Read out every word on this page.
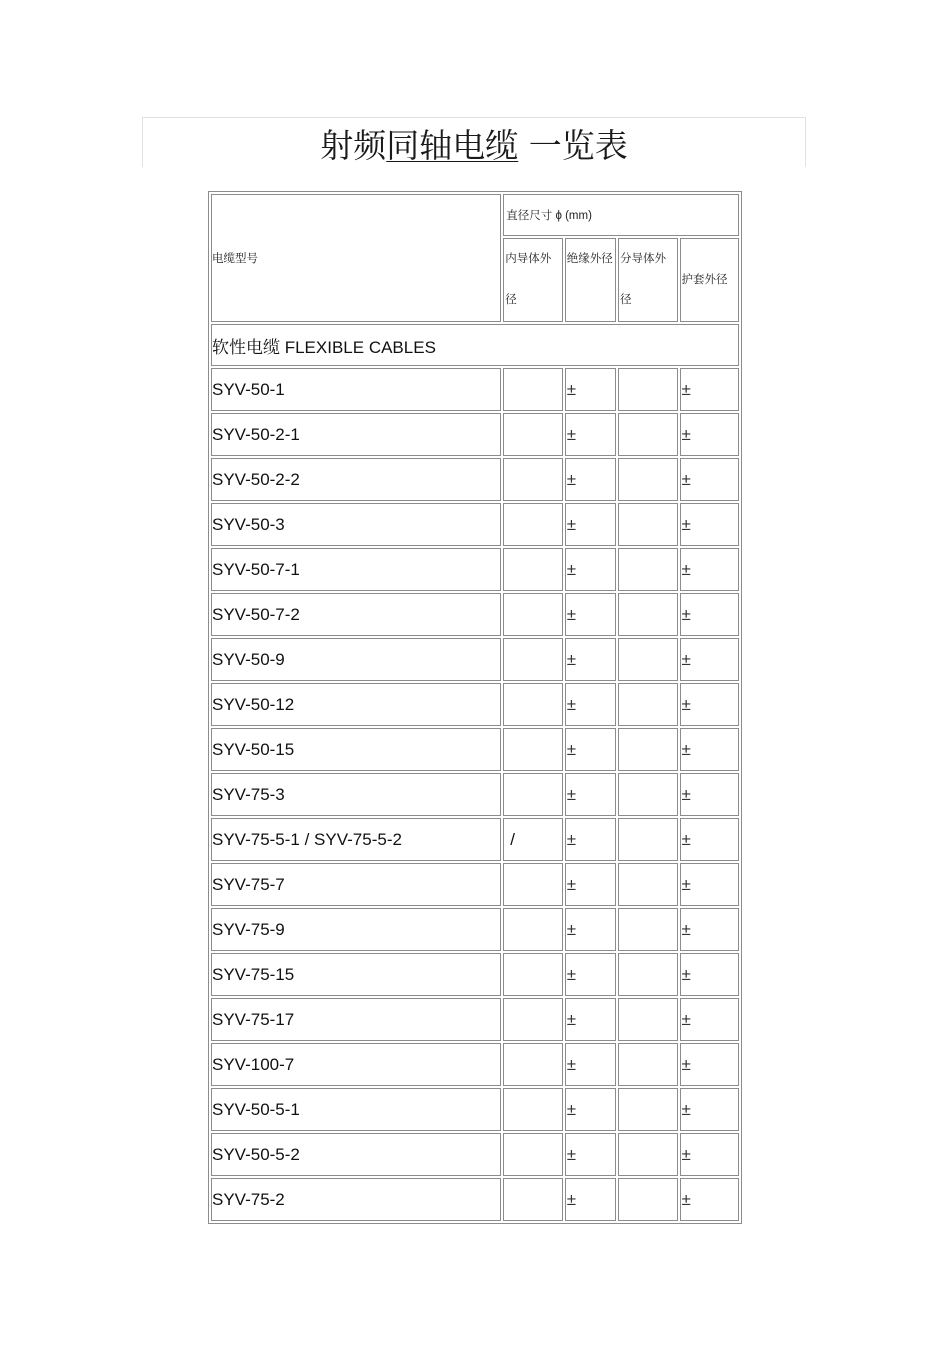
射频同轴电缆 一览表
电缆型号	直径尺寸 ϕ (mm)			
	内导体外径	绝缘外径	分导体外径	护套外径
软性电缆 FLEXIBLE CABLES				
SYV-50-1		±		±
SYV-50-2-1		±		±
SYV-50-2-2		±		±
SYV-50-3		±		±
SYV-50-7-1		±		±
SYV-50-7-2		±		±
SYV-50-9		±		±
SYV-50-12		±		±
SYV-50-15		±		±
SYV-75-3		±		±
SYV-75-5-1 / SYV-75-5-2	/	±		±
SYV-75-7		±		±
SYV-75-9		±		±
SYV-75-15		±		±
SYV-75-17		±		±
SYV-100-7		±		±
SYV-50-5-1		±		±
SYV-50-5-2		±		±
SYV-75-2		±		±
